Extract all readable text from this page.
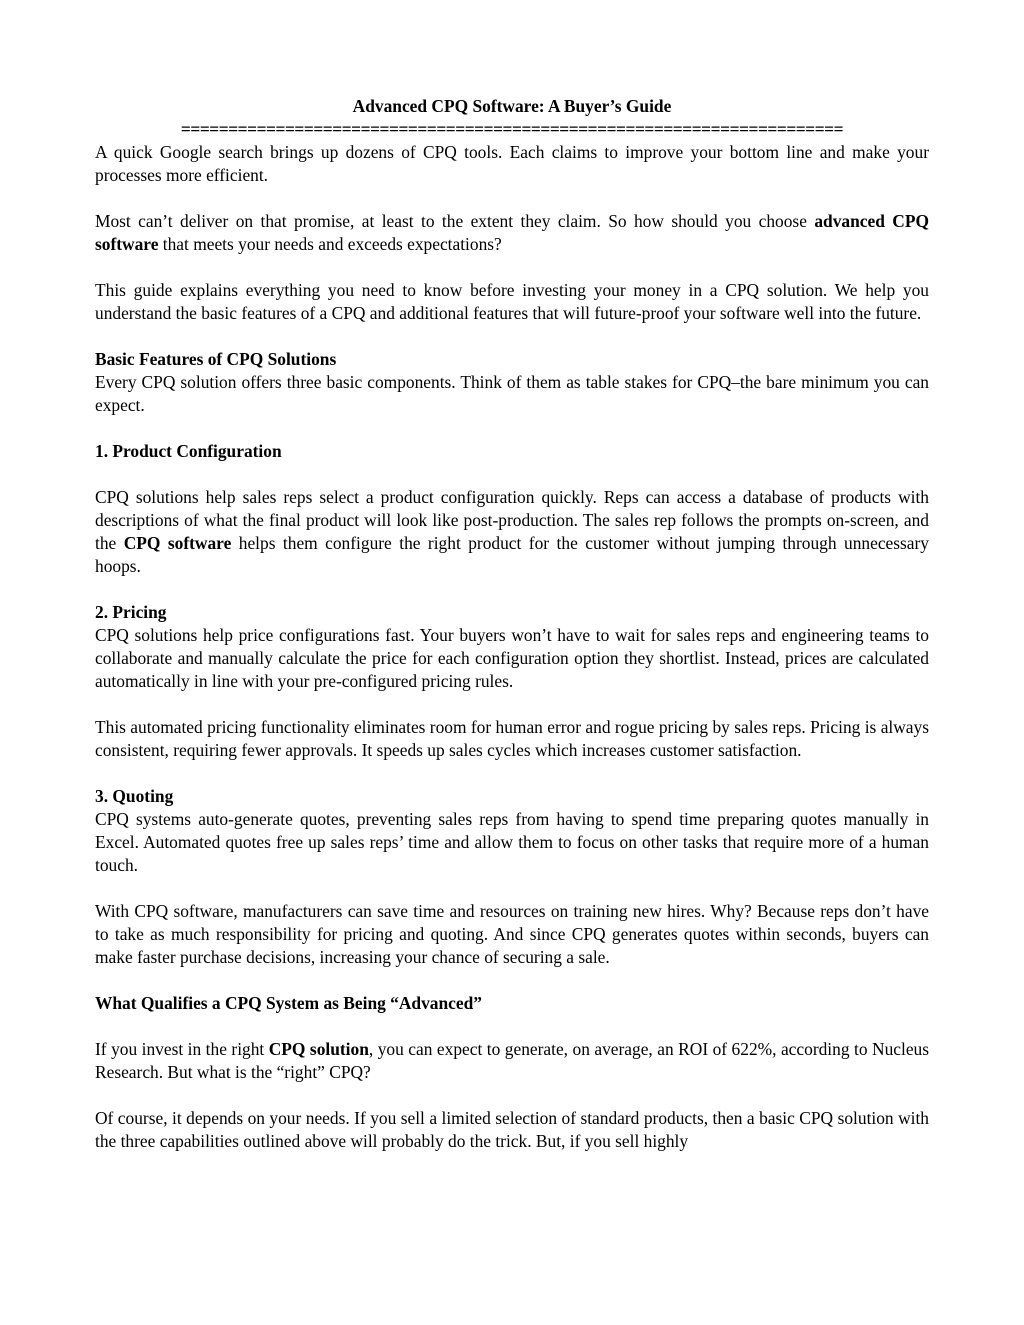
Advanced CPQ Software: A Buyer’s Guide

======================================================================

A quick Google search brings up dozens of CPQ tools. Each claims to improve your bottom line and make your processes more efficient.

Most can’t deliver on that promise, at least to the extent they claim. So how should you choose advanced CPQ software that meets your needs and exceeds expectations?

This guide explains everything you need to know before investing your money in a CPQ solution. We help you understand the basic features of a CPQ and additional features that will future-proof your software well into the future.

Basic Features of CPQ Solutions

Every CPQ solution offers three basic components. Think of them as table stakes for CPQ–the bare minimum you can expect.

1. Product Configuration

CPQ solutions help sales reps select a product configuration quickly. Reps can access a database of products with descriptions of what the final product will look like post-production. The sales rep follows the prompts on-screen, and the CPQ software helps them configure the right product for the customer without jumping through unnecessary hoops.

2. Pricing

CPQ solutions help price configurations fast. Your buyers won’t have to wait for sales reps and engineering teams to collaborate and manually calculate the price for each configuration option they shortlist. Instead, prices are calculated automatically in line with your pre-configured pricing rules.

This automated pricing functionality eliminates room for human error and rogue pricing by sales reps. Pricing is always consistent, requiring fewer approvals. It speeds up sales cycles which increases customer satisfaction.

3. Quoting

CPQ systems auto-generate quotes, preventing sales reps from having to spend time preparing quotes manually in Excel. Automated quotes free up sales reps’ time and allow them to focus on other tasks that require more of a human touch.

With CPQ software, manufacturers can save time and resources on training new hires. Why? Because reps don’t have to take as much responsibility for pricing and quoting. And since CPQ generates quotes within seconds, buyers can make faster purchase decisions, increasing your chance of securing a sale.

What Qualifies a CPQ System as Being “Advanced”

If you invest in the right CPQ solution, you can expect to generate, on average, an ROI of 622%, according to Nucleus Research. But what is the “right” CPQ?

Of course, it depends on your needs. If you sell a limited selection of standard products, then a basic CPQ solution with the three capabilities outlined above will probably do the trick. But, if you sell highly
